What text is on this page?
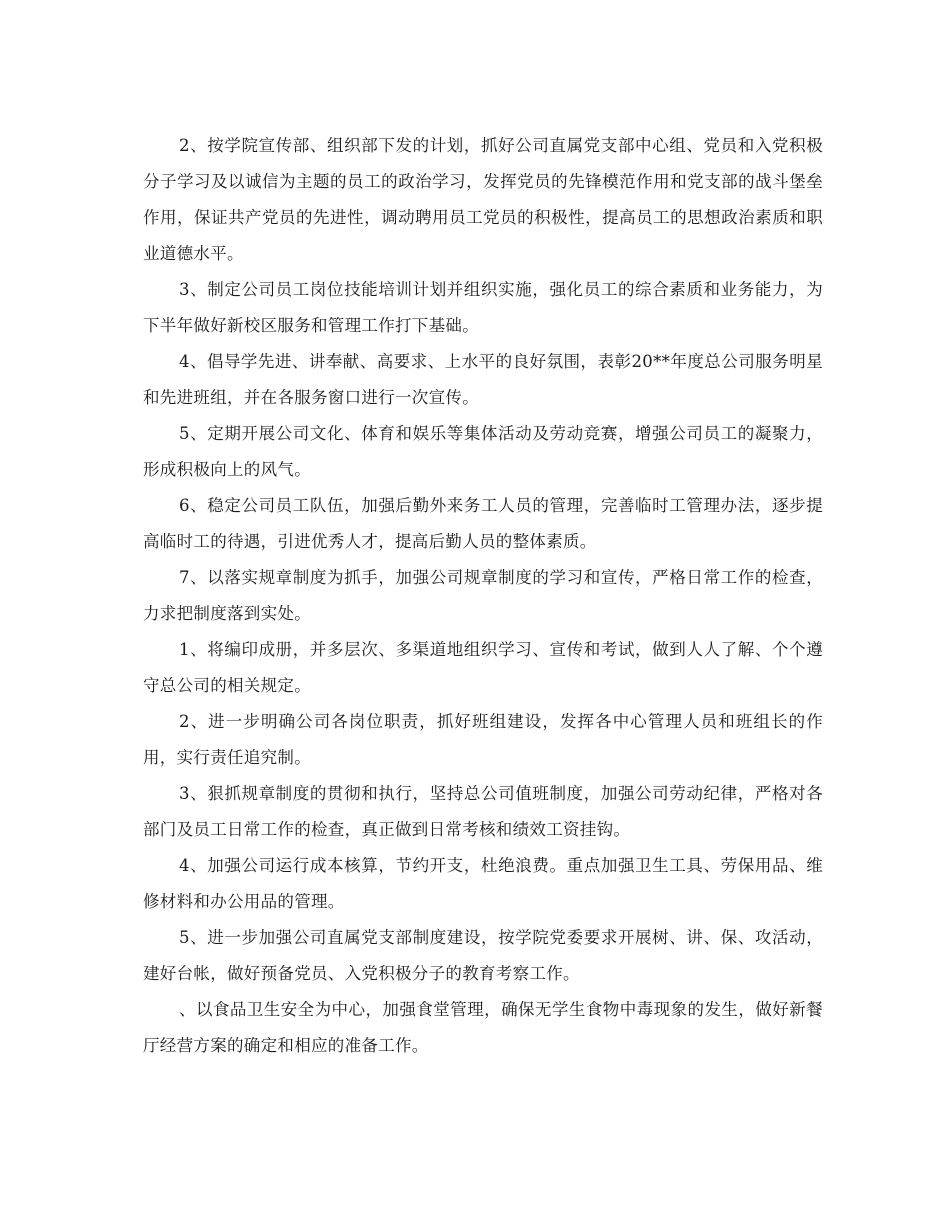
2、按学院宣传部、组织部下发的计划，抓好公司直属党支部中心组、党员和入党积极分子学习及以诚信为主题的员工的政治学习，发挥党员的先锋模范作用和党支部的战斗堡垒作用，保证共产党员的先进性，调动聘用员工党员的积极性，提高员工的思想政治素质和职业道德水平。

3、制定公司员工岗位技能培训计划并组织实施，强化员工的综合素质和业务能力，为下半年做好新校区服务和管理工作打下基础。

4、倡导学先进、讲奉献、高要求、上水平的良好氛围，表彰20**年度总公司服务明星和先进班组，并在各服务窗口进行一次宣传。

5、定期开展公司文化、体育和娱乐等集体活动及劳动竞赛，增强公司员工的凝聚力，形成积极向上的风气。

6、稳定公司员工队伍，加强后勤外来务工人员的管理，完善临时工管理办法，逐步提高临时工的待遇，引进优秀人才，提高后勤人员的整体素质。

7、以落实规章制度为抓手，加强公司规章制度的学习和宣传，严格日常工作的检查，力求把制度落到实处。

1、将编印成册，并多层次、多渠道地组织学习、宣传和考试，做到人人了解、个个遵守总公司的相关规定。

2、进一步明确公司各岗位职责，抓好班组建设，发挥各中心管理人员和班组长的作用，实行责任追究制。

3、狠抓规章制度的贯彻和执行，坚持总公司值班制度，加强公司劳动纪律，严格对各部门及员工日常工作的检查，真正做到日常考核和绩效工资挂钩。

4、加强公司运行成本核算，节约开支，杜绝浪费。重点加强卫生工具、劳保用品、维修材料和办公用品的管理。

5、进一步加强公司直属党支部制度建设，按学院党委要求开展树、讲、保、攻活动，建好台帐，做好预备党员、入党积极分子的教育考察工作。

、以食品卫生安全为中心，加强食堂管理，确保无学生食物中毒现象的发生，做好新餐厅经营方案的确定和相应的准备工作。
